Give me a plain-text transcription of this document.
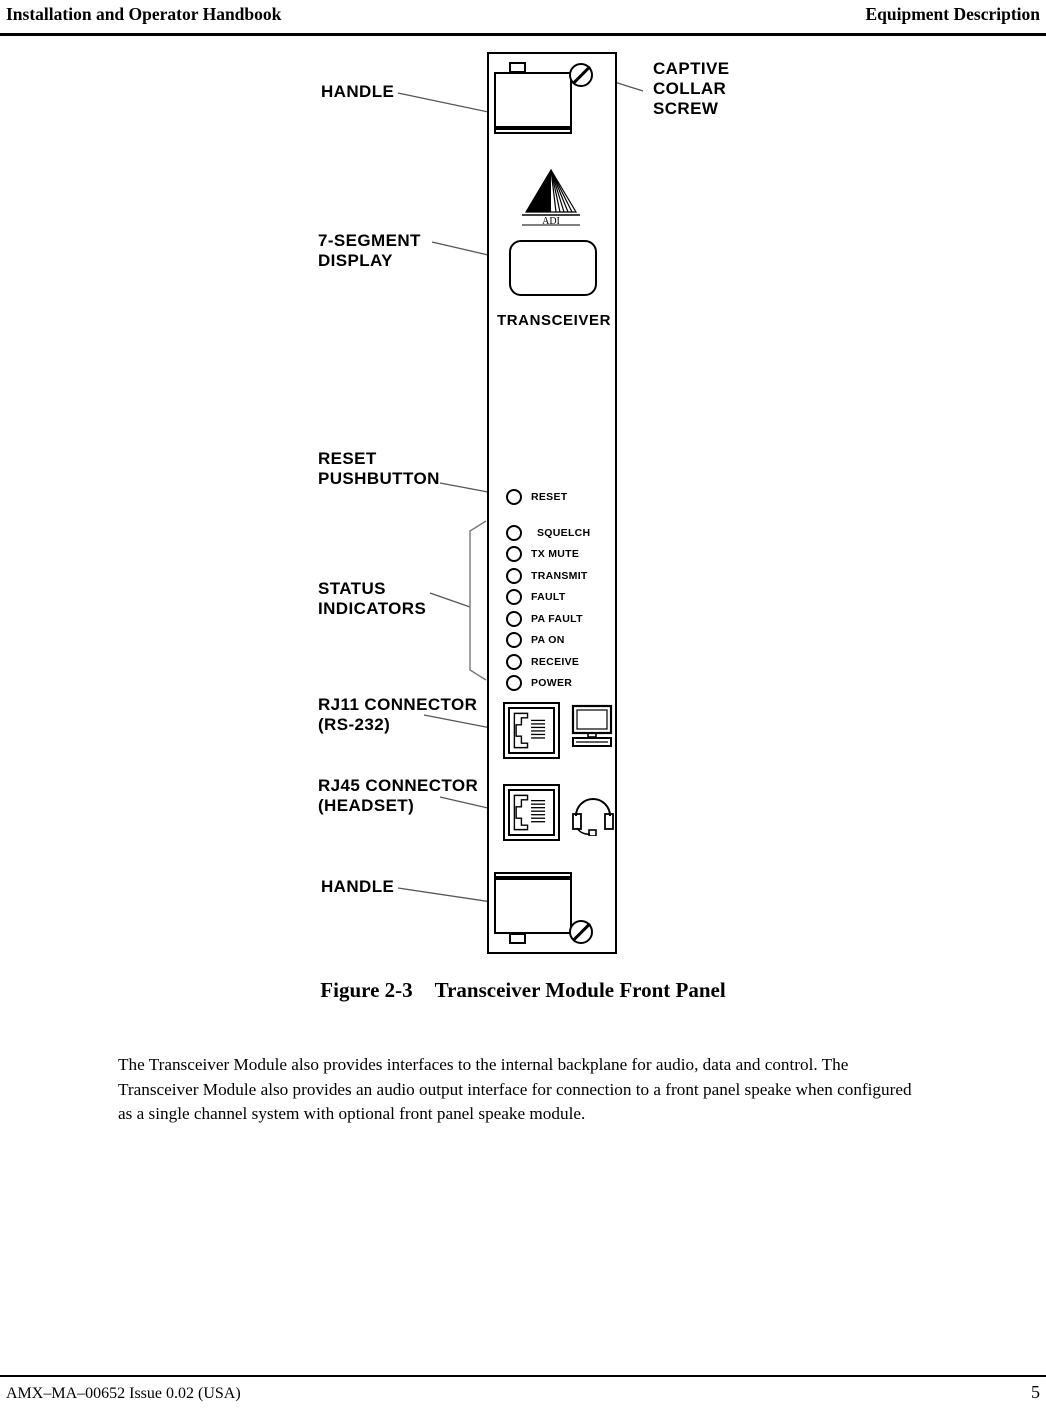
Installation and Operator Handbook	Equipment Description
HANDLE
CAPTIVE
COLLAR
SCREW
7-SEGMENT
DISPLAY
RESET
PUSHBUTTON
STATUS
INDICATORS
RJ11 CONNECTOR
(RS-232)
RJ45 CONNECTOR
(HEADSET)
HANDLE
ADI
TRANSCEIVER
RESET
SQUELCH
TX MUTE
TRANSMIT
FAULT
PA FAULT
PA ON
RECEIVE
POWER
Figure 2-3 Transceiver Module Front Panel

The Transceiver Module also provides interfaces to the internal backplane for audio, data and control. The Transceiver Module also provides an audio output interface for connection to a front panel speake when configured as a single channel system with optional front panel speake module.

AMX–MA–00652 Issue 0.02 (USA)	5
